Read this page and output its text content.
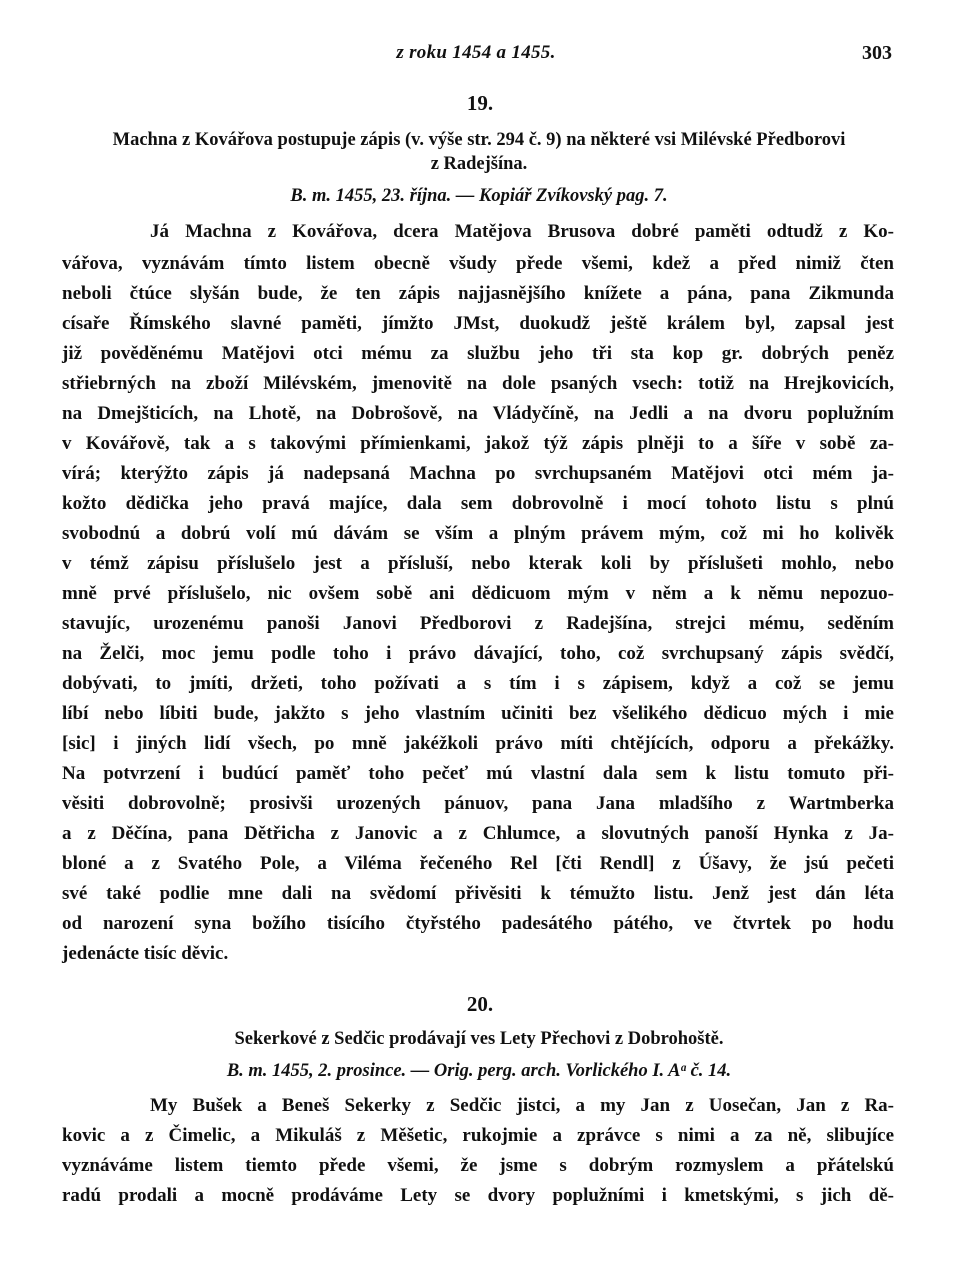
z roku 1454 a 1455.	303
19.
Machna z Kovářova postupuje zápis (v. výše str. 294 č. 9) na některé vsi Milévské Předborovi
z Radejšína.
B. m. 1455, 23. října. — Kopiář Zvíkovský pag. 7.
Já Machna z Kovářova, dcera Matějova Brusova dobré paměti odtudž z Ko-
vářova, vyznávám tímto listem obecně všudy přede všemi, kdež a před nimiž čten
neboli čtúce slyšán bude, že ten zápis najjasnějšího knížete a pána, pana Zikmunda
císaře Římského slavné paměti, jímžto JMst, duokudž ještě králem byl, zapsal jest
již pověděnému Matějovi otci mému za službu jeho tři sta kop gr. dobrých peněz
střiebrných na zboží Milévském, jmenovitě na dole psaných vsech: totiž na Hrejkovicích,
na Dmejšticích, na Lhotě, na Dobrošově, na Vládyčíně, na Jedli a na dvoru poplužním
v Kovářově, tak a s takovými přímienkami, jakož týž zápis plněji to a šíře v sobě za-
vírá; kterýžto zápis já nadepsaná Machna po svrchupsaném Matějovi otci mém ja-
kožto dědička jeho pravá majíce, dala sem dobrovolně i mocí tohoto listu s plnú
svobodnú a dobrú volí mú dávám se vším a plným právem mým, což mi ho kolivěk
v témž zápisu příslušelo jest a přísluší, nebo kterak koli by příslušeti mohlo, nebo
mně prvé příslušelo, nic ovšem sobě ani dědicuom mým v něm a k němu nepozuo-
stavujíc, urozenému panoši Janovi Předborovi z Radejšína, strejci mému, seděním
na Želči, moc jemu podle toho i právo dávající, toho, což svrchupsaný zápis svědčí,
dobývati, to jmíti, držeti, toho požívati a s tím i s zápisem, když a což se jemu
líbí nebo líbiti bude, jakžto s jeho vlastním učiniti bez všelikého dědicuo mých i mie
[sic] i jiných lidí všech, po mně jakéžkoli právo míti chtějících, odporu a překážky.
Na potvrzení i budúcí paměť toho pečeť mú vlastní dala sem k listu tomuto při-
věsiti dobrovolně; prosivši urozených pánuov, pana Jana mladšího z Wartmberka
a z Děčína, pana Dětřicha z Janovic a z Chlumce, a slovutných panoší Hynka z Ja-
bloné a z Svatého Pole, a Viléma řečeného Rel [čti Rendl] z Úšavy, že jsú pečeti
své také podlie mne dali na svědomí přivěsiti k témužto listu. Jenž jest dán léta
od narození syna božího tisícího čtyřstého padesátého pátého, ve čtvrtek po hodu
jedenácte tisíc děvic.
20.
Sekerkové z Sedčic prodávají ves Lety Přechovi z Dobrohoště.
B. m. 1455, 2. prosince. — Orig. perg. arch. Vorlického I. Aᵃ č. 14.
My Bušek a Beneš Sekerky z Sedčic jistci, a my Jan z Uosečan, Jan z Ra-
kovic a z Čimelic, a Mikuláš z Měšetic, rukojmie a zprávce s nimi a za ně, slibujíce
vyznáváme listem tiemto přede všemi, že jsme s dobrým rozmyslem a přátelskú
radú prodali a mocně prodáváme Lety se dvory poplužními i kmetskými, s jich dě-
